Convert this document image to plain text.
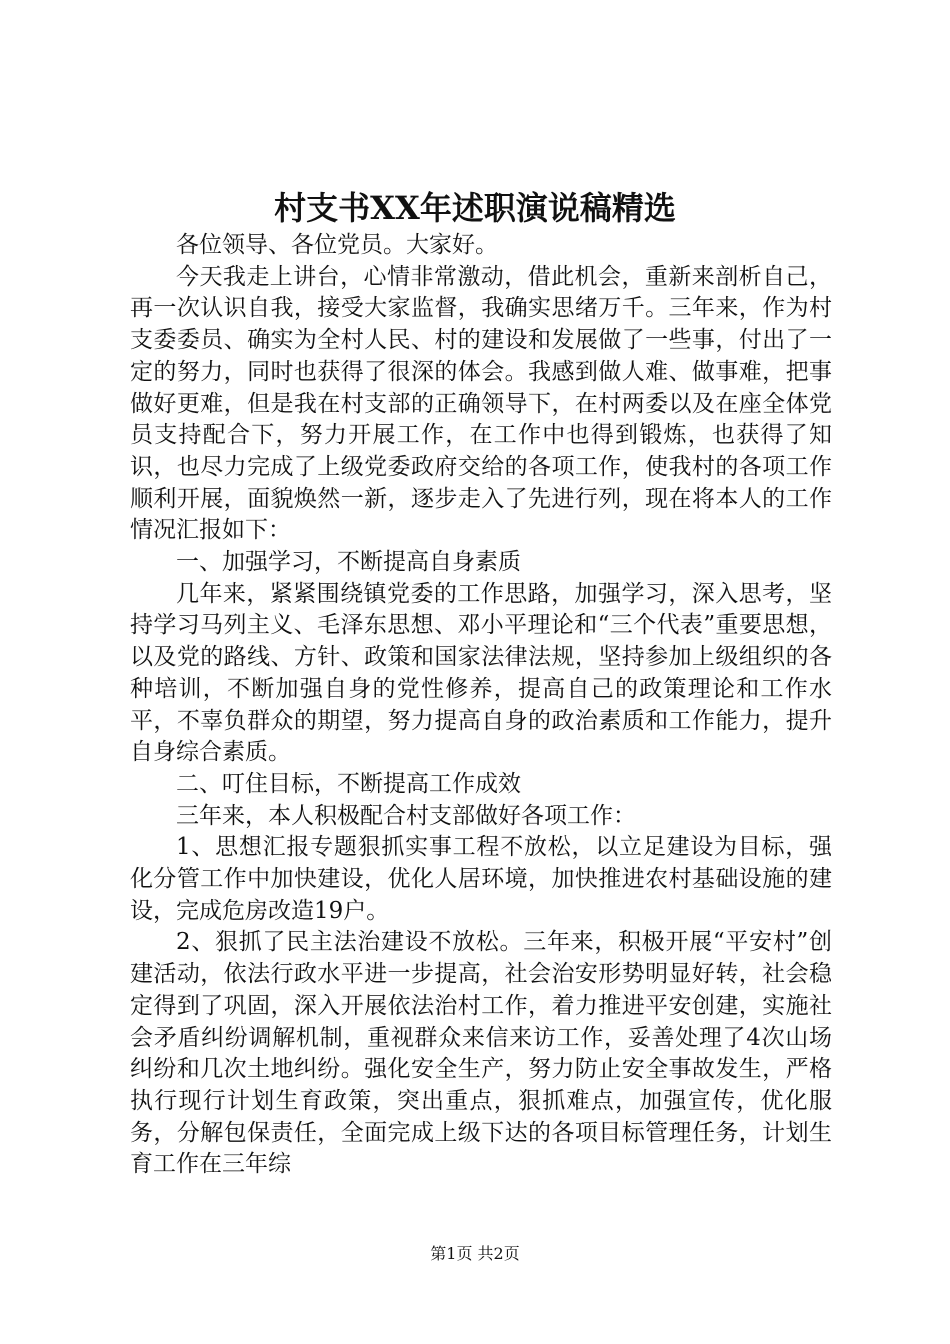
村支书XX年述职演说稿精选

各位领导、各位党员。大家好。

今天我走上讲台，心情非常激动，借此机会，重新来剖析自己，再一次认识自我，接受大家监督，我确实思绪万千。三年来，作为村支委委员、确实为全村人民、村的建设和发展做了一些事，付出了一定的努力，同时也获得了很深的体会。我感到做人难、做事难，把事做好更难，但是我在村支部的正确领导下，在村两委以及在座全体党员支持配合下，努力开展工作，在工作中也得到锻炼，也获得了知识，也尽力完成了上级党委政府交给的各项工作，使我村的各项工作顺利开展，面貌焕然一新，逐步走入了先进行列，现在将本人的工作情况汇报如下：

一、加强学习，不断提高自身素质

几年来，紧紧围绕镇党委的工作思路，加强学习，深入思考，坚持学习马列主义、毛泽东思想、邓小平理论和“三个代表”重要思想，以及党的路线、方针、政策和国家法律法规，坚持参加上级组织的各种培训，不断加强自身的党性修养，提高自己的政策理论和工作水平，不辜负群众的期望，努力提高自身的政治素质和工作能力，提升自身综合素质。

二、叮住目标，不断提高工作成效

三年来，本人积极配合村支部做好各项工作：

1、思想汇报专题狠抓实事工程不放松，以立足建设为目标，强化分管工作中加快建设，优化人居环境，加快推进农村基础设施的建设，完成危房改造19户。

2、狠抓了民主法治建设不放松。三年来，积极开展“平安村”创建活动，依法行政水平进一步提高，社会治安形势明显好转，社会稳定得到了巩固，深入开展依法治村工作，着力推进平安创建，实施社会矛盾纠纷调解机制，重视群众来信来访工作，妥善处理了4次山场纠纷和几次土地纠纷。强化安全生产，努力防止安全事故发生，严格执行现行计划生育政策，突出重点，狠抓难点，加强宣传，优化服务，分解包保责任，全面完成上级下达的各项目标管理任务，计划生育工作在三年综

第1页 共2页
